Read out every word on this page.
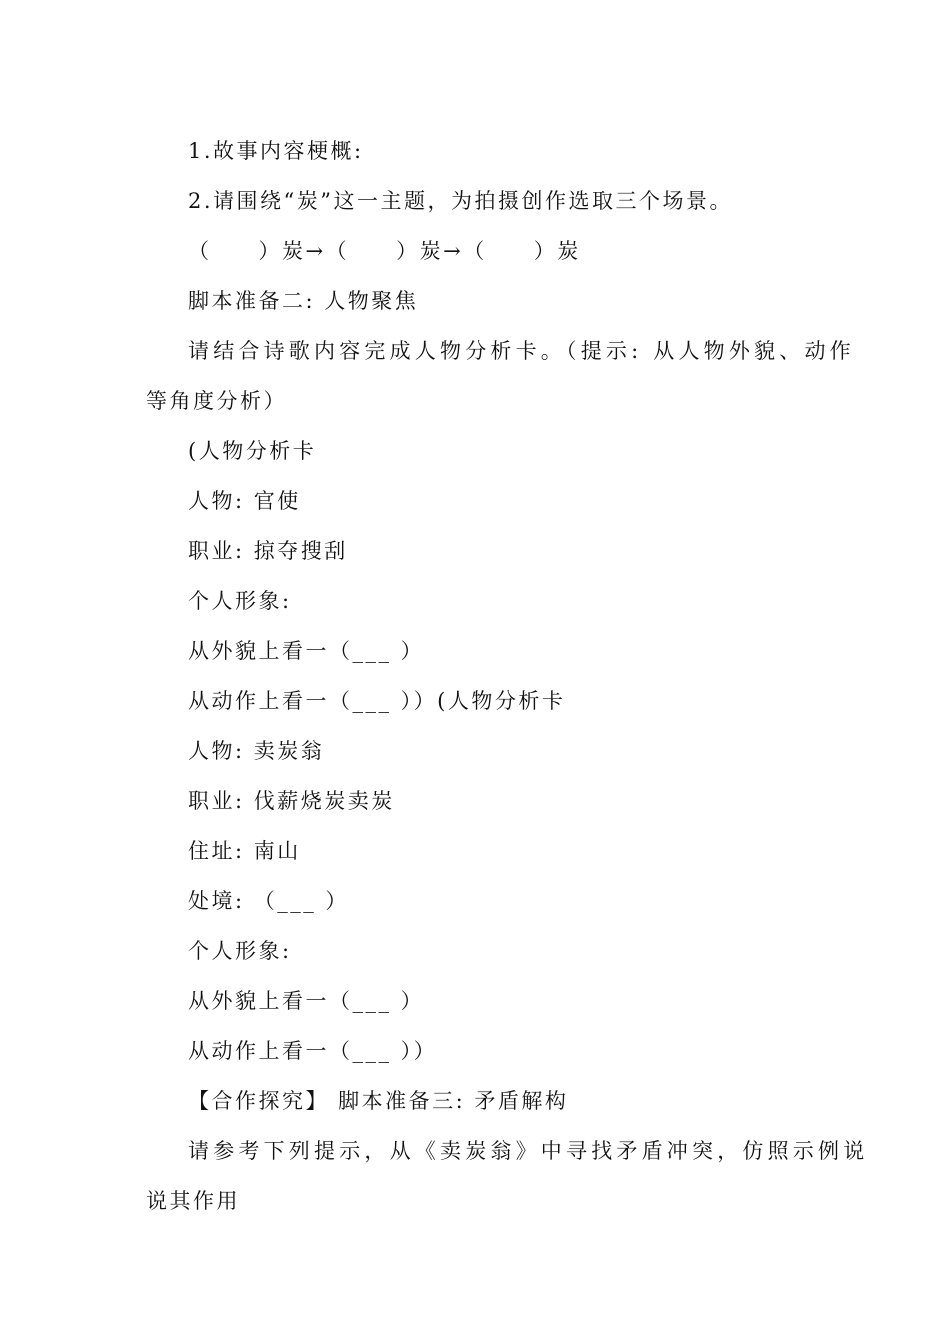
1.故事内容梗概:
2.请围绕“炭”这一主题，为拍摄创作选取三个场景。
（　　）炭→（　　）炭→（　　）炭
脚本准备二: 人物聚焦
请结合诗歌内容完成人物分析卡。（提示: 从人物外貌、动作
等角度分析）
(人物分析卡
人物: 官使
职业: 掠夺搜刮
个人形象:
从外貌上看一（___ ）
从动作上看一（___ ））(人物分析卡
人物: 卖炭翁
职业: 伐薪烧炭卖炭
住址: 南山
处境: （___ ）
个人形象:
从外貌上看一（___ ）
从动作上看一（___ ））
【合作探究】 脚本准备三: 矛盾解构
请参考下列提示，从《卖炭翁》中寻找矛盾冲突，仿照示例说
说其作用
